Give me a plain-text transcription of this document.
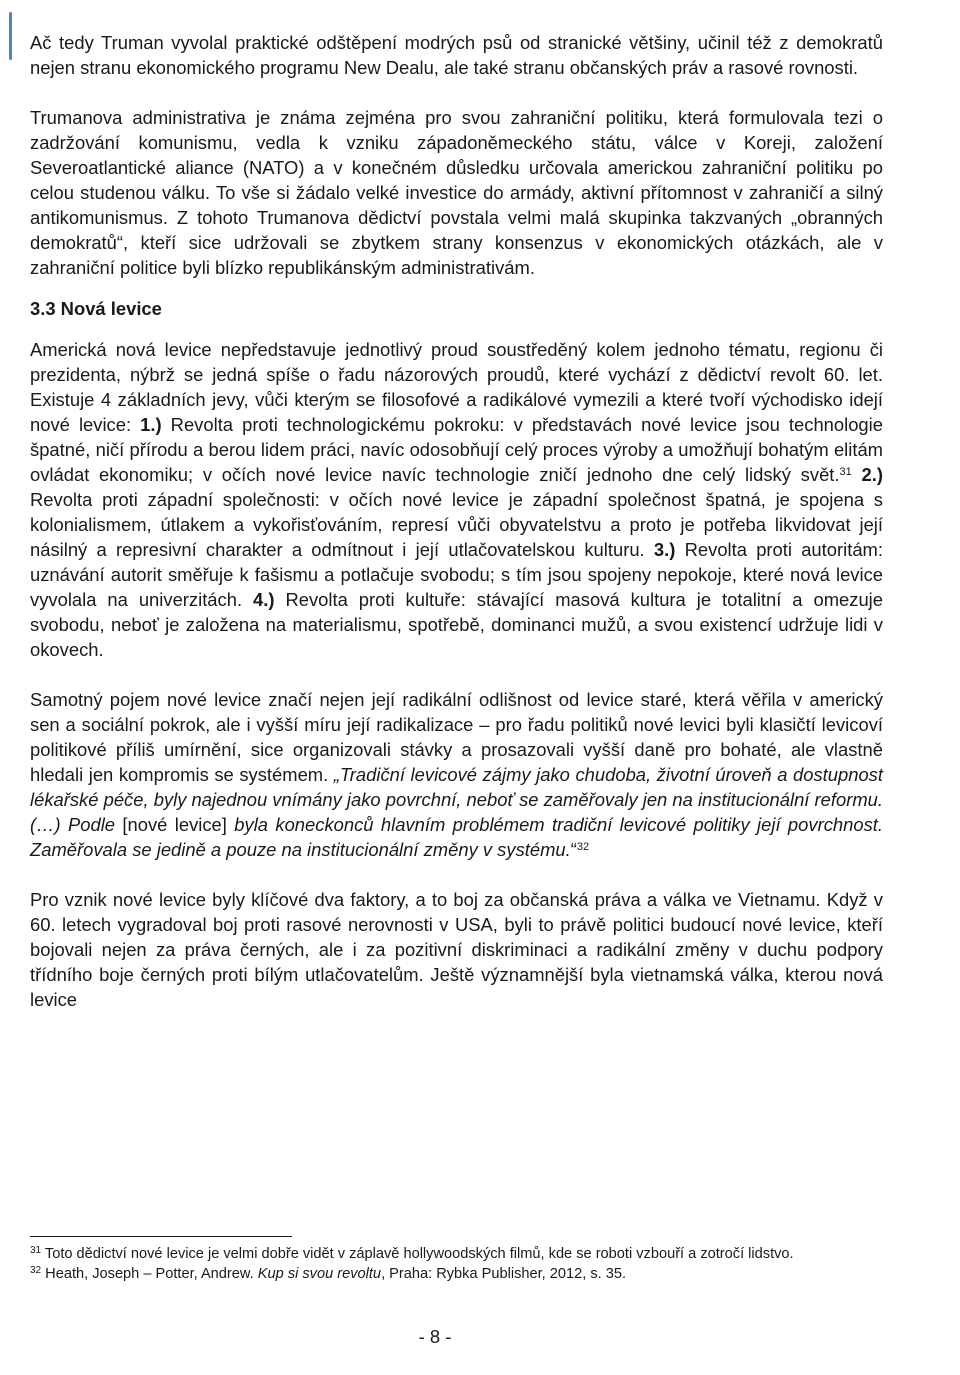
Ač tedy Truman vyvolal praktické odštěpení modrých psů od stranické většiny, učinil též z demokratů nejen stranu ekonomického programu New Dealu, ale také stranu občanských práv a rasové rovnosti.

Trumanova administrativa je známa zejména pro svou zahraniční politiku, která formulovala tezi o zadržování komunismu, vedla k vzniku západoněmeckého státu, válce v Koreji, založení Severoatlantické aliance (NATO) a v konečném důsledku určovala americkou zahraniční politiku po celou studenou válku. To vše si žádalo velké investice do armády, aktivní přítomnost v zahraničí a silný antikomunismus. Z tohoto Trumanova dědictví povstala velmi malá skupinka takzvaných „obranných demokratů“, kteří sice udržovali se zbytkem strany konsenzus v ekonomických otázkách, ale v zahraniční politice byli blízko republikánským administrativám.

3.3 Nová levice

Americká nová levice nepředstavuje jednotlivý proud soustředěný kolem jednoho tématu, regionu či prezidenta, nýbrž se jedná spíše o řadu názorových proudů, které vychází z dědictví revolt 60. let. Existuje 4 základních jevy, vůči kterým se filosofové a radikálové vymezili a které tvoří východisko idejí nové levice: 1.) Revolta proti technologickému pokroku: v představách nové levice jsou technologie špatné, ničí přírodu a berou lidem práci, navíc odosobňují celý proces výroby a umožňují bohatým elitám ovládat ekonomiku; v očích nové levice navíc technologie zničí jednoho dne celý lidský svět.$^{31}$ 2.) Revolta proti západní společnosti: v očích nové levice je západní společnost špatná, je spojena s kolonialismem, útlakem a vykořisťováním, represí vůči obyvatelstvu a proto je potřeba likvidovat její násilný a represivní charakter a odmítnout i její utlačovatelskou kulturu. 3.) Revolta proti autoritám: uznávání autorit směřuje k fašismu a potlačuje svobodu; s tím jsou spojeny nepokoje, které nová levice vyvolala na univerzitách. 4.) Revolta proti kultuře: stávající masová kultura je totalitní a omezuje svobodu, neboť je založena na materialismu, spotřebě, dominanci mužů, a svou existencí udržuje lidi v okovech.

Samotný pojem nové levice značí nejen její radikální odlišnost od levice staré, která věřila v americký sen a sociální pokrok, ale i vyšší míru její radikalizace – pro řadu politiků nové levici byli klasičtí levicoví politikové příliš umírnění, sice organizovali stávky a prosazovali vyšší daně pro bohaté, ale vlastně hledali jen kompromis se systémem. „Tradiční levicové zájmy jako chudoba, životní úroveň a dostupnost lékařské péče, byly najednou vnímány jako povrchní, neboť se zaměřovaly jen na institucionální reformu. (…) Podle [nové levice] byla koneckonců hlavním problémem tradiční levicové politiky její povrchnost. Zaměřovala se jedině a pouze na institucionální změny v systému.“$^{32}$

Pro vznik nové levice byly klíčové dva faktory, a to boj za občanská práva a válka ve Vietnamu. Když v 60. letech vygradoval boj proti rasové nerovnosti v USA, byli to právě politici budoucí nové levice, kteří bojovali nejen za práva černých, ale i za pozitivní diskriminaci a radikální změny v duchu podpory třídního boje černých proti bílým utlačovatelům. Ještě významnější byla vietnamská válka, kterou nová levice

$^{31}$ Toto dědictví nové levice je velmi dobře vidět v záplavě hollywoodských filmů, kde se roboti vzbouří a zotročí lidstvo.
$^{32}$ Heath, Joseph – Potter, Andrew. Kup si svou revoltu, Praha: Rybka Publisher, 2012, s. 35.
- 8 -
